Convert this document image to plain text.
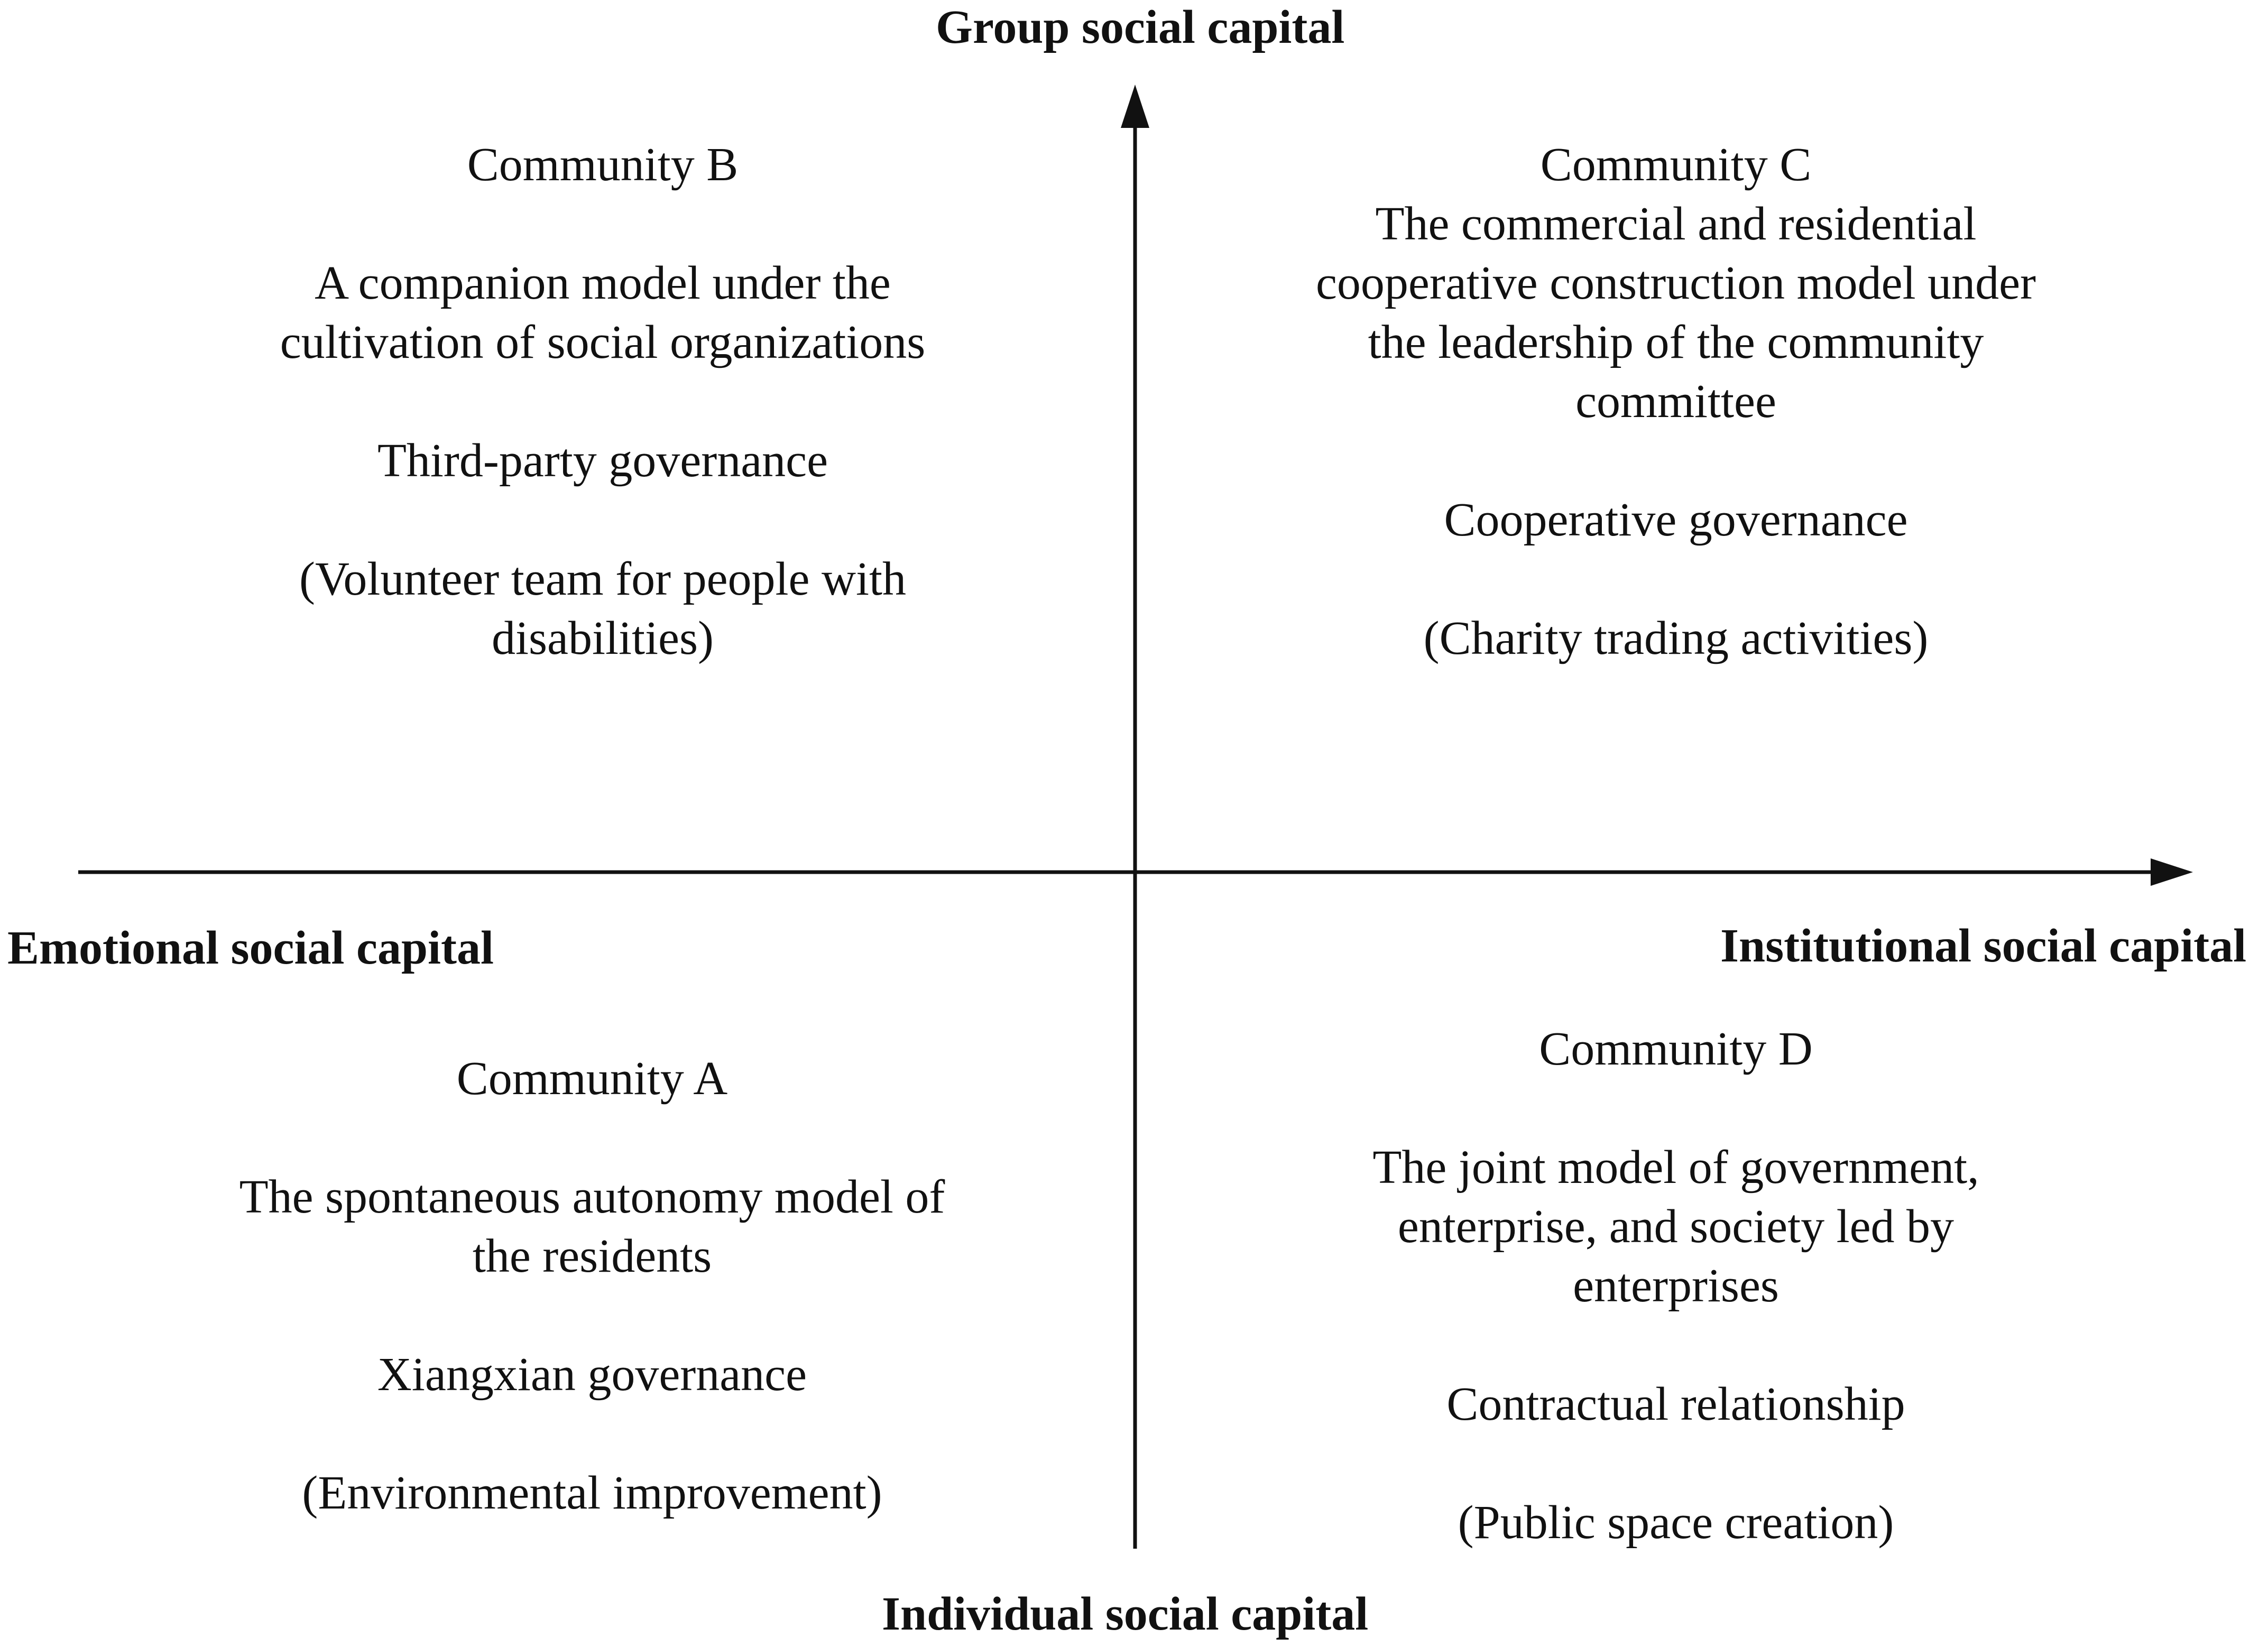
Group social capital
Individual social capital
Emotional social capital	Institutional social capital
Community B
A companion model under the
cultivation of social organizations
Third-party governance
(Volunteer team for people with
disabilities)
Community C
The commercial and residential
cooperative construction model under
the leadership of the community
committee
Cooperative governance
(Charity trading activities)
Community A
The spontaneous autonomy model of
the residents
Xiangxian governance
(Environmental improvement)
Community D
The joint model of government,
enterprise, and society led by
enterprises
Contractual relationship
(Public space creation)
